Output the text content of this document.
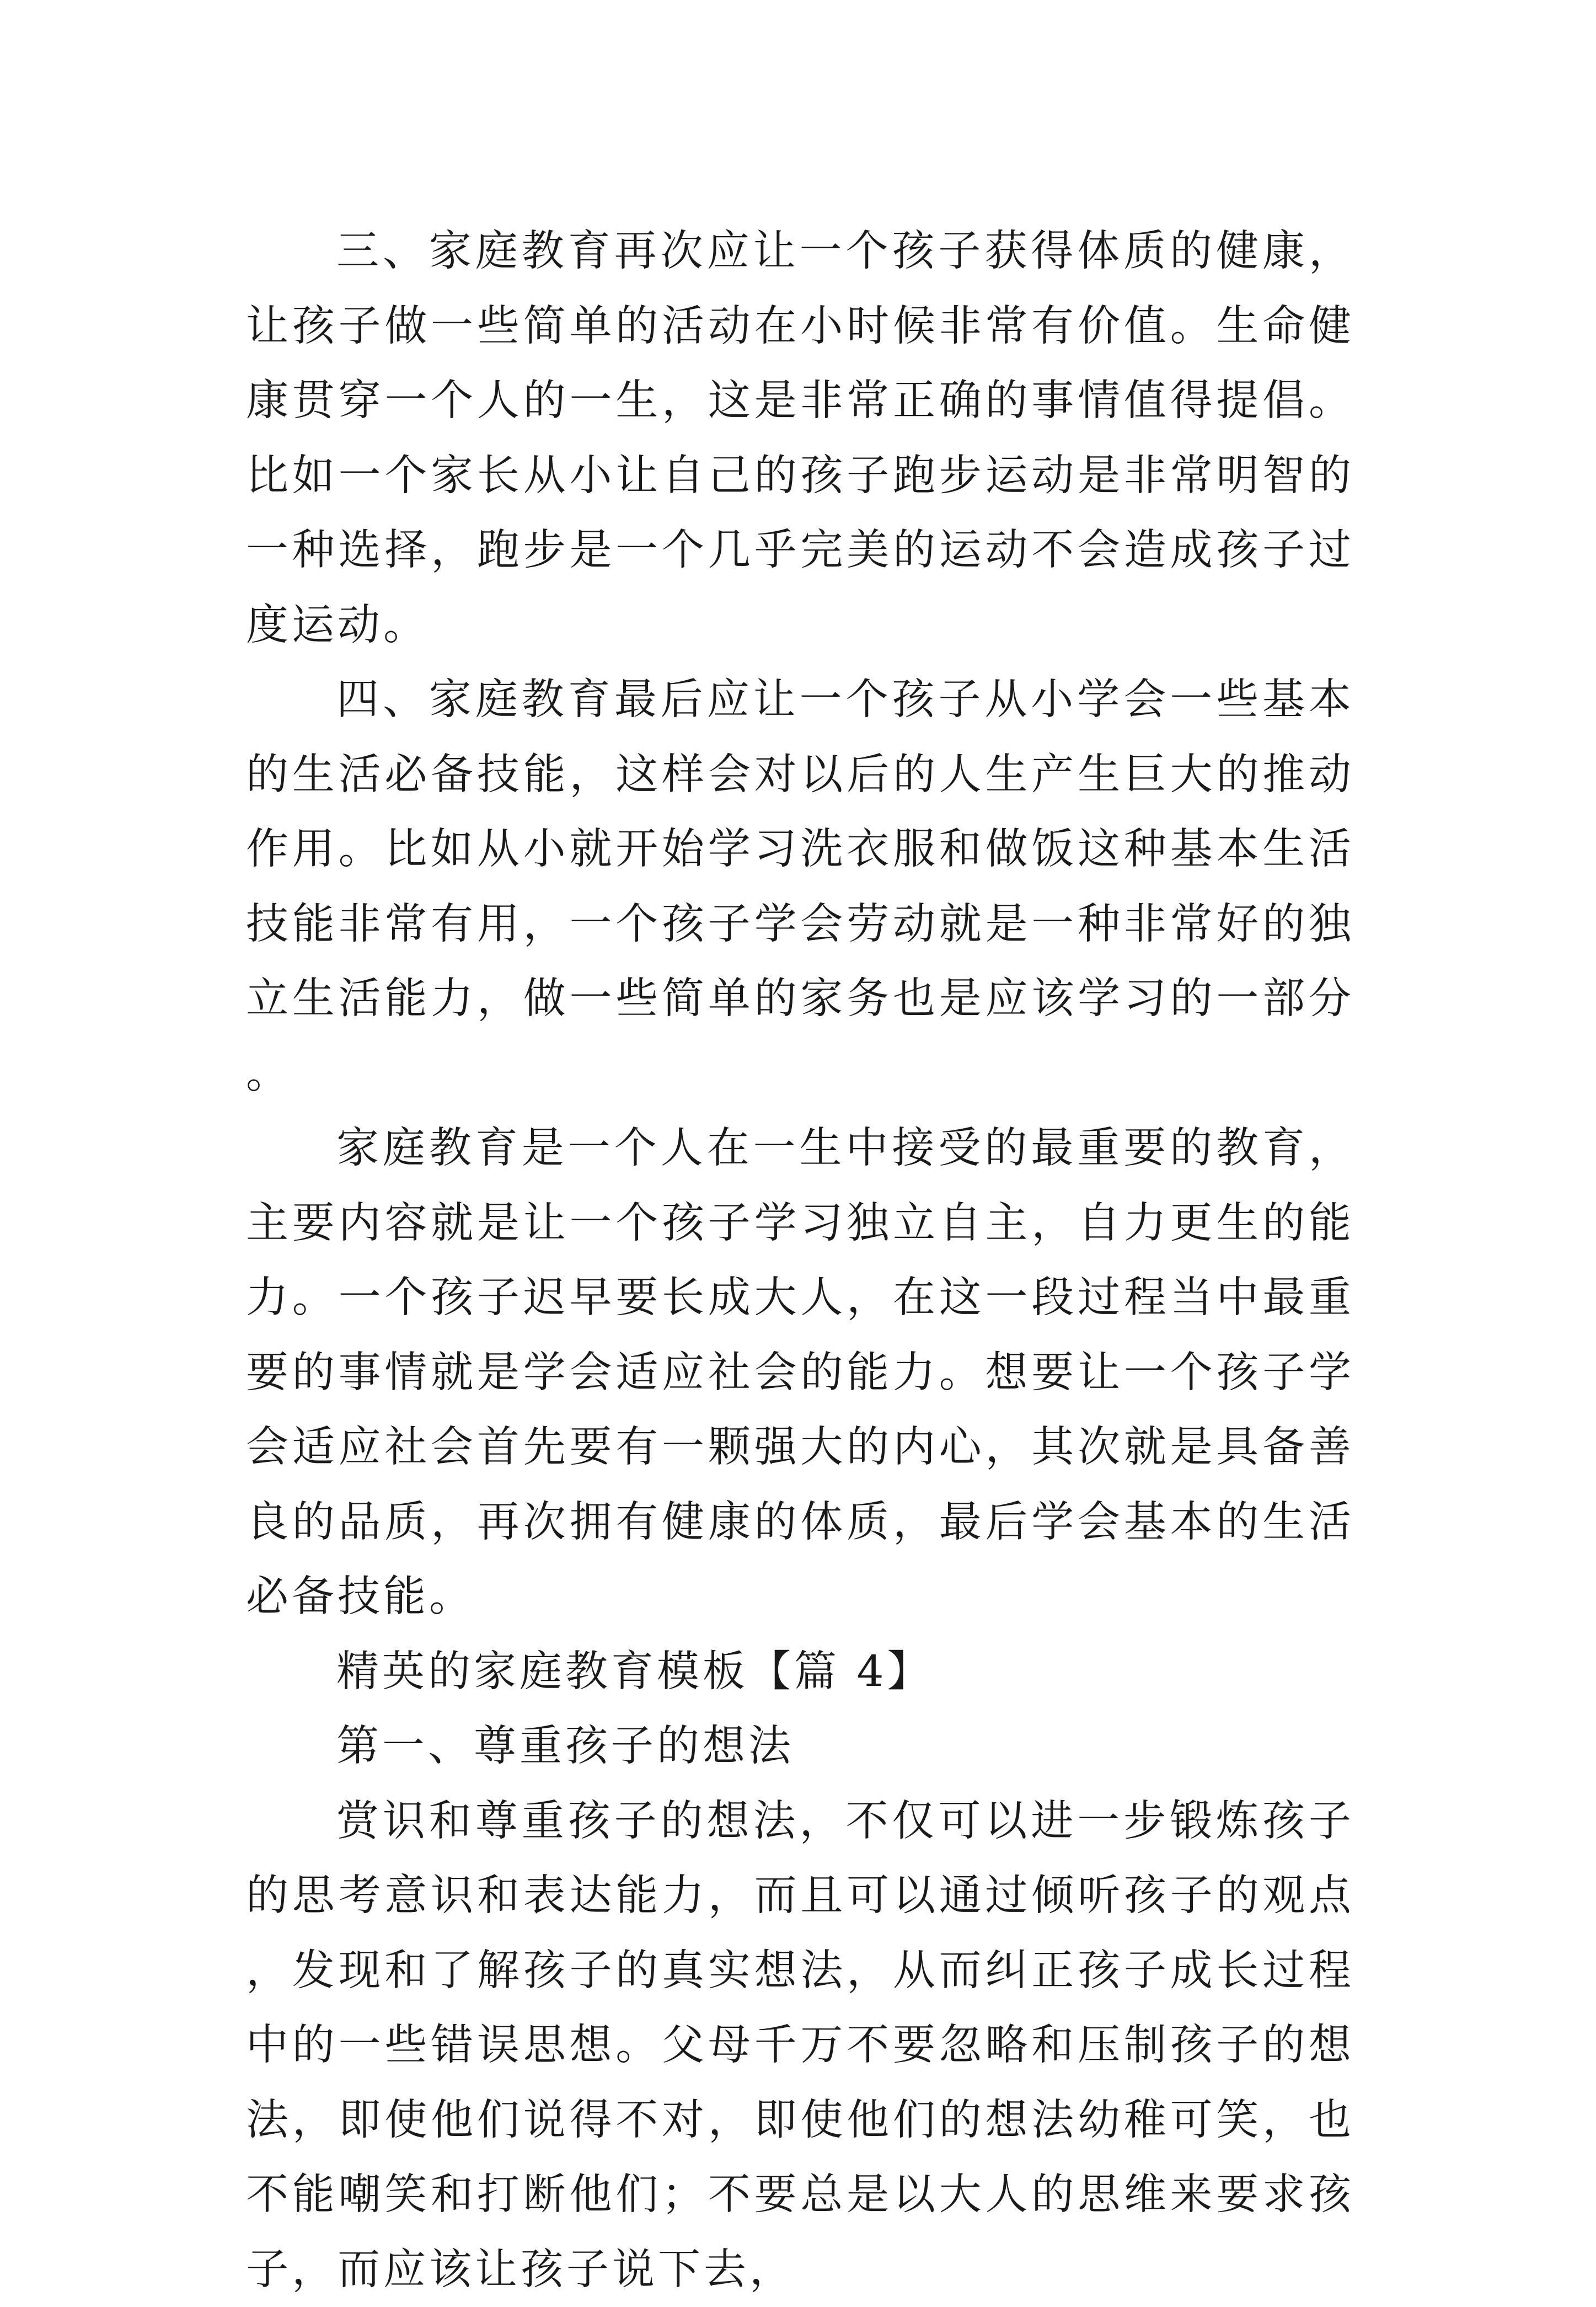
三、家庭教育再次应让一个孩子获得体质的健康，让孩子做一些简单的活动在小时候非常有价值。生命健康贯穿一个人的一生，这是非常正确的事情值得提倡。比如一个家长从小让自己的孩子跑步运动是非常明智的一种选择，跑步是一个几乎完美的运动不会造成孩子过度运动。

四、家庭教育最后应让一个孩子从小学会一些基本的生活必备技能，这样会对以后的人生产生巨大的推动作用。比如从小就开始学习洗衣服和做饭这种基本生活技能非常有用，一个孩子学会劳动就是一种非常好的独立生活能力，做一些简单的家务也是应该学习的一部分。

家庭教育是一个人在一生中接受的最重要的教育，主要内容就是让一个孩子学习独立自主，自力更生的能力。一个孩子迟早要长成大人，在这一段过程当中最重要的事情就是学会适应社会的能力。想要让一个孩子学会适应社会首先要有一颗强大的内心，其次就是具备善良的品质，再次拥有健康的体质，最后学会基本的生活必备技能。

精英的家庭教育模板【篇 4】

第一、尊重孩子的想法

赏识和尊重孩子的想法，不仅可以进一步锻炼孩子的思考意识和表达能力，而且可以通过倾听孩子的观点，发现和了解孩子的真实想法，从而纠正孩子成长过程中的一些错误思想。父母千万不要忽略和压制孩子的想法，即使他们说得不对，即使他们的想法幼稚可笑，也不能嘲笑和打断他们；不要总是以大人的思维来要求孩子，而应该让孩子说下去，
